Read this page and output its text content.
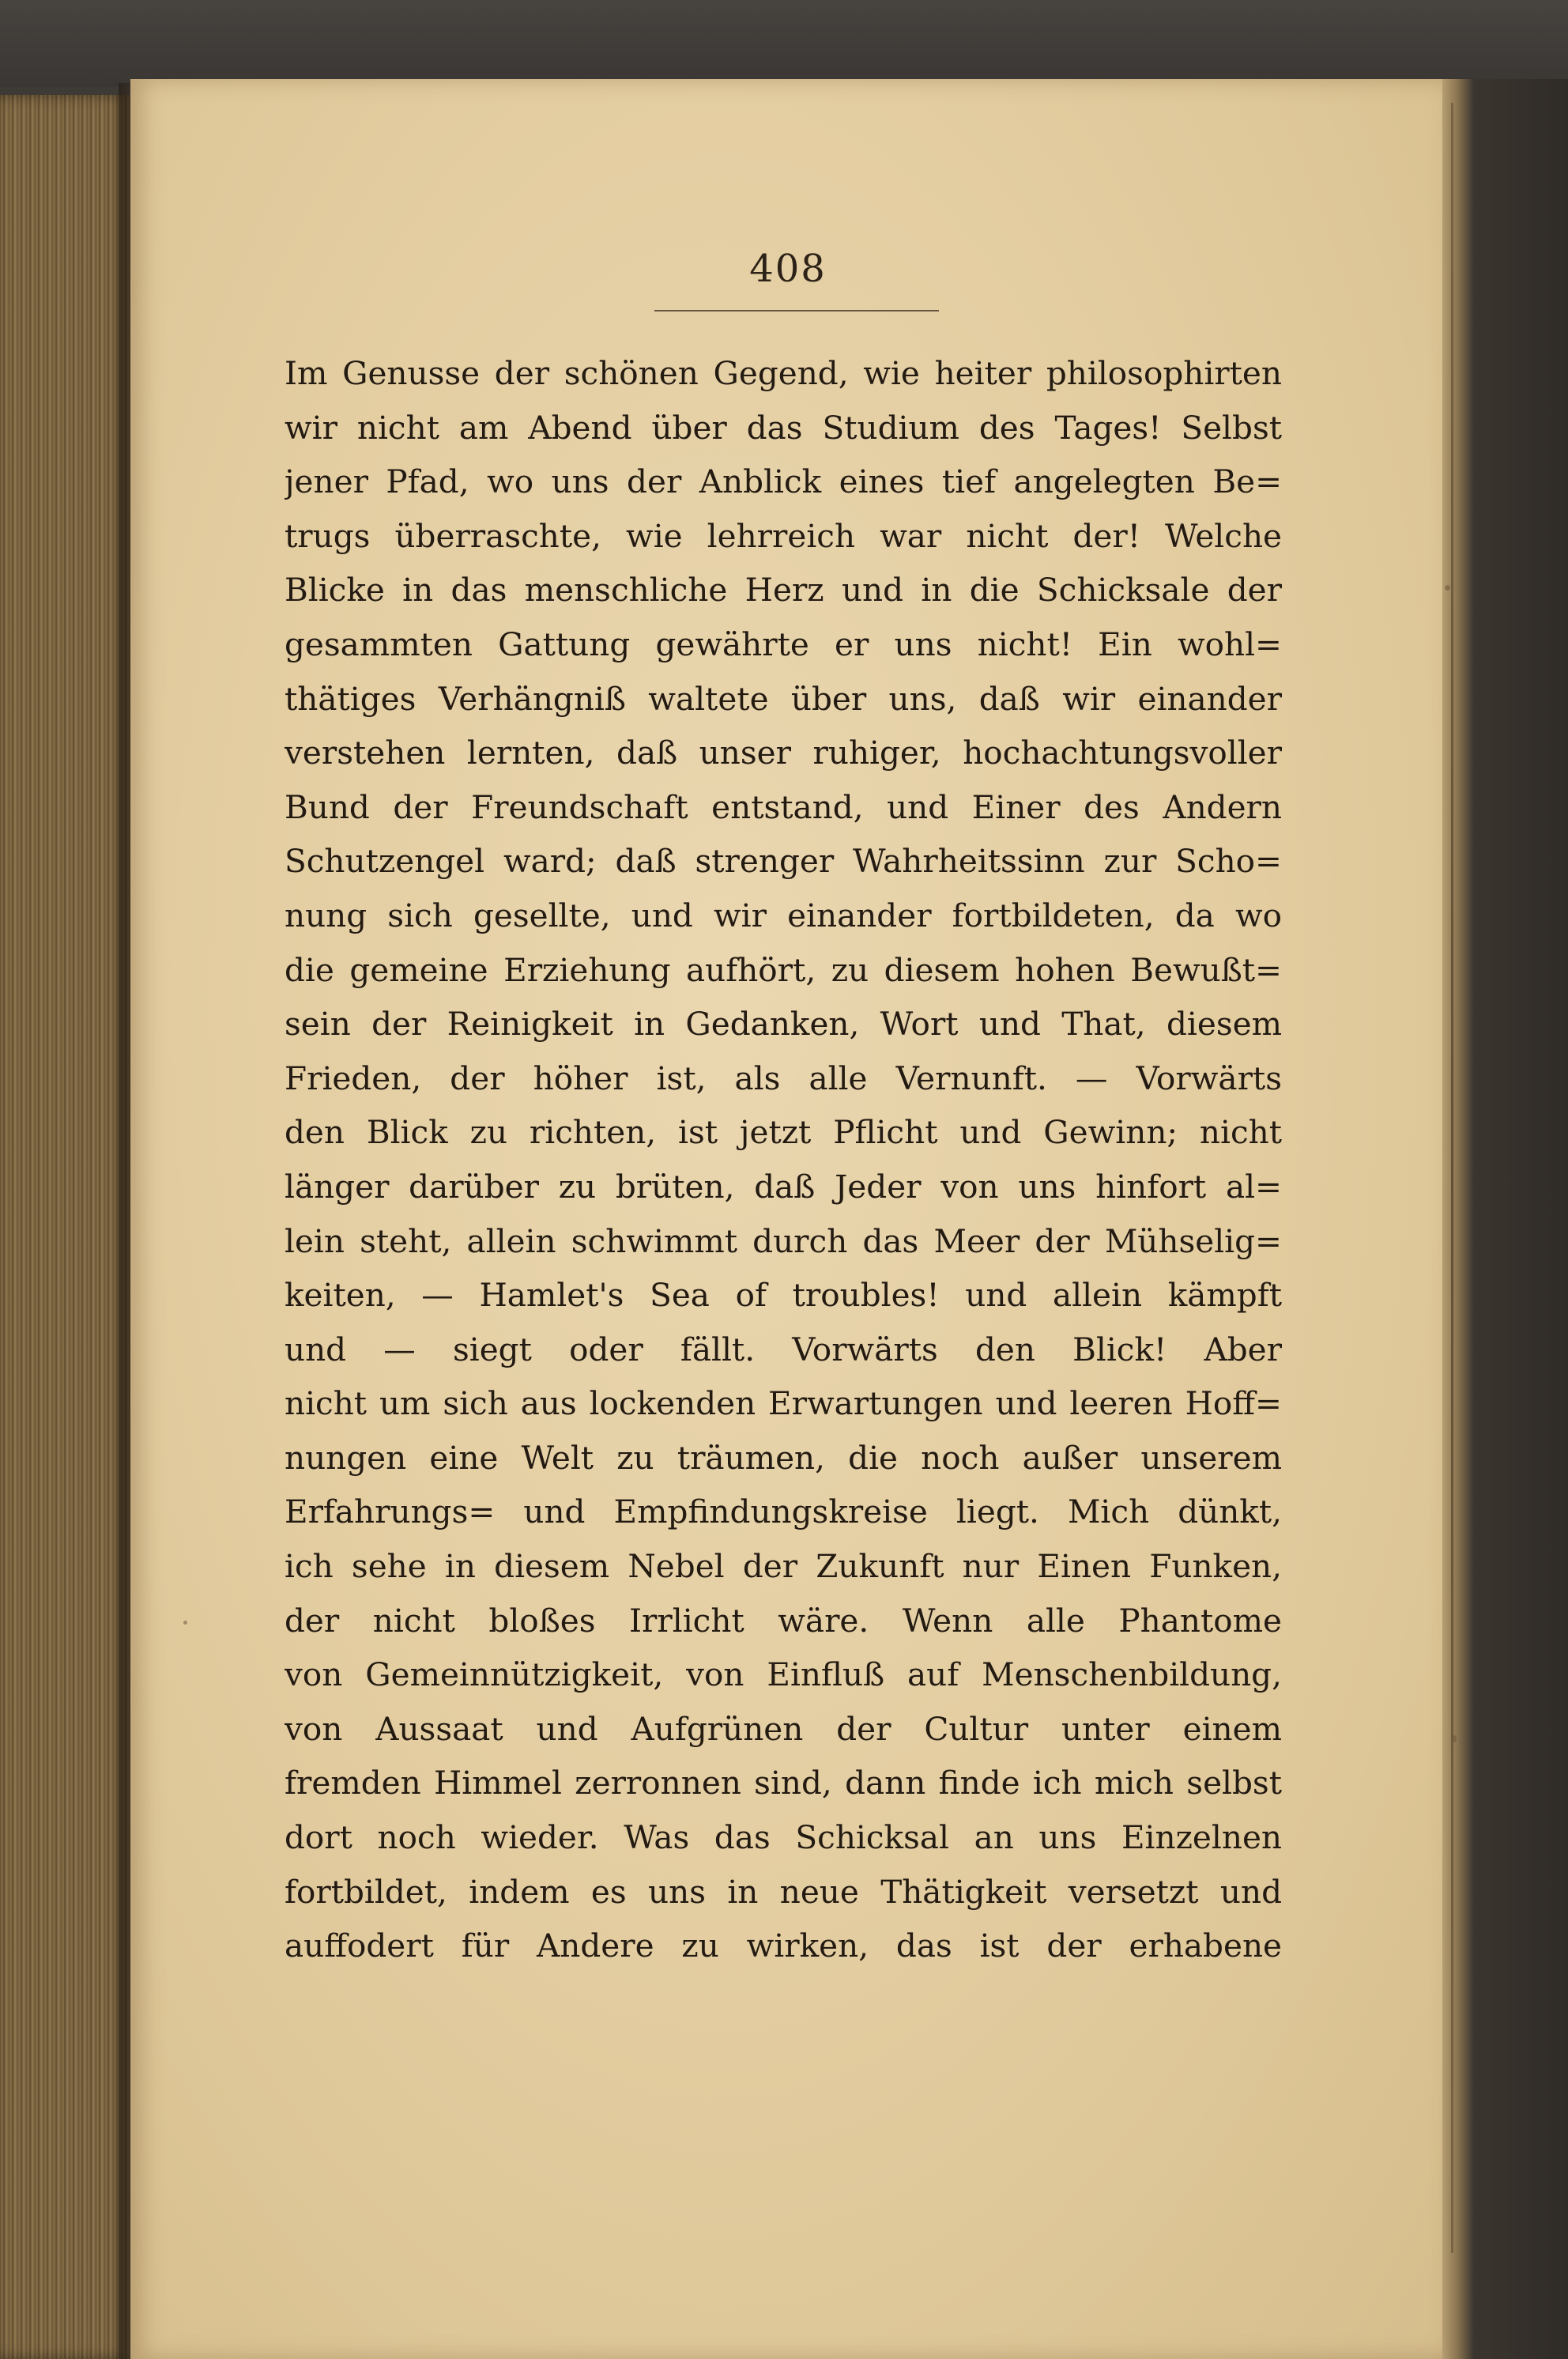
408
Im Genusse der schönen Gegend, wie heiter philosophirten
wir nicht am Abend über das Studium des Tages! Selbst
jener Pfad, wo uns der Anblick eines tief angelegten Be=
trugs überraschte, wie lehrreich war nicht der! Welche
Blicke in das menschliche Herz und in die Schicksale der
gesammten Gattung gewährte er uns nicht! Ein wohl=
thätiges Verhängniß waltete über uns, daß wir einander
verstehen lernten, daß unser ruhiger, hochachtungsvoller
Bund der Freundschaft entstand, und Einer des Andern
Schutzengel ward; daß strenger Wahrheitssinn zur Scho=
nung sich gesellte, und wir einander fortbildeten, da wo
die gemeine Erziehung aufhört, zu diesem hohen Bewußt=
sein der Reinigkeit in Gedanken, Wort und That, diesem
Frieden, der höher ist, als alle Vernunft. — Vorwärts
den Blick zu richten, ist jetzt Pflicht und Gewinn; nicht
länger darüber zu brüten, daß Jeder von uns hinfort al=
lein steht, allein schwimmt durch das Meer der Mühselig=
keiten, — Hamlet's Sea of troubles! und allein kämpft
und — siegt oder fällt. Vorwärts den Blick! Aber
nicht um sich aus lockenden Erwartungen und leeren Hoff=
nungen eine Welt zu träumen, die noch außer unserem
Erfahrungs= und Empfindungskreise liegt. Mich dünkt,
ich sehe in diesem Nebel der Zukunft nur Einen Funken,
der nicht bloßes Irrlicht wäre. Wenn alle Phantome
von Gemeinnützigkeit, von Einfluß auf Menschenbildung,
von Aussaat und Aufgrünen der Cultur unter einem
fremden Himmel zerronnen sind, dann finde ich mich selbst
dort noch wieder. Was das Schicksal an uns Einzelnen
fortbildet, indem es uns in neue Thätigkeit versetzt und
auffodert für Andere zu wirken, das ist der erhabene
